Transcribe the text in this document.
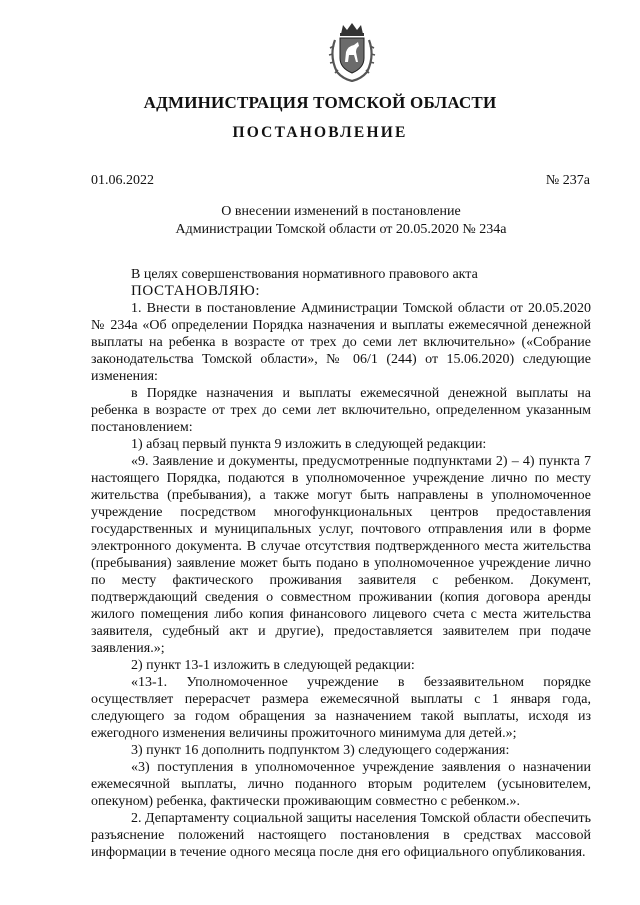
АДМИНИСТРАЦИЯ ТОМСКОЙ ОБЛАСТИ
ПОСТАНОВЛЕНИЕ
01.06.2022	№ 237а
О внесении изменений в постановление
Администрации Томской области от 20.05.2020 № 234а

В целях совершенствования нормативного правового акта

ПОСТАНОВЛЯЮ:

1. Внести в постановление Администрации Томской области от 20.05.2020 № 234а «Об определении Порядка назначения и выплаты ежемесячной денежной выплаты на ребенка в возрасте от трех до семи лет включительно» («Собрание законодательства Томской области», № 06/1 (244) от 15.06.2020) следующие изменения:

в Порядке назначения и выплаты ежемесячной денежной выплаты на ребенка в возрасте от трех до семи лет включительно, определенном указанным постановлением:

1) абзац первый пункта 9 изложить в следующей редакции:

«9. Заявление и документы, предусмотренные подпунктами 2) – 4) пункта 7 настоящего Порядка, подаются в уполномоченное учреждение лично по месту жительства (пребывания), а также могут быть направлены в уполномоченное учреждение посредством многофункциональных центров предоставления государственных и муниципальных услуг, почтового отправления или в форме электронного документа. В случае отсутствия подтвержденного места жительства (пребывания) заявление может быть подано в уполномоченное учреждение лично по месту фактического проживания заявителя с ребенком. Документ, подтверждающий сведения о совместном проживании (копия договора аренды жилого помещения либо копия финансового лицевого счета с места жительства заявителя, судебный акт и другие), предоставляется заявителем при подаче заявления.»;

2) пункт 13-1 изложить в следующей редакции:

«13-1. Уполномоченное учреждение в беззаявительном порядке осуществляет перерасчет размера ежемесячной выплаты с 1 января года, следующего за годом обращения за назначением такой выплаты, исходя из ежегодного изменения величины прожиточного минимума для детей.»;

3) пункт 16 дополнить подпунктом 3) следующего содержания:

«3) поступления в уполномоченное учреждение заявления о назначении ежемесячной выплаты, лично поданного вторым родителем (усыновителем, опекуном) ребенка, фактически проживающим совместно с ребенком.».

2. Департаменту социальной защиты населения Томской области обеспечить разъяснение положений настоящего постановления в средствах массовой информации в течение одного месяца после дня его официального опубликования.
